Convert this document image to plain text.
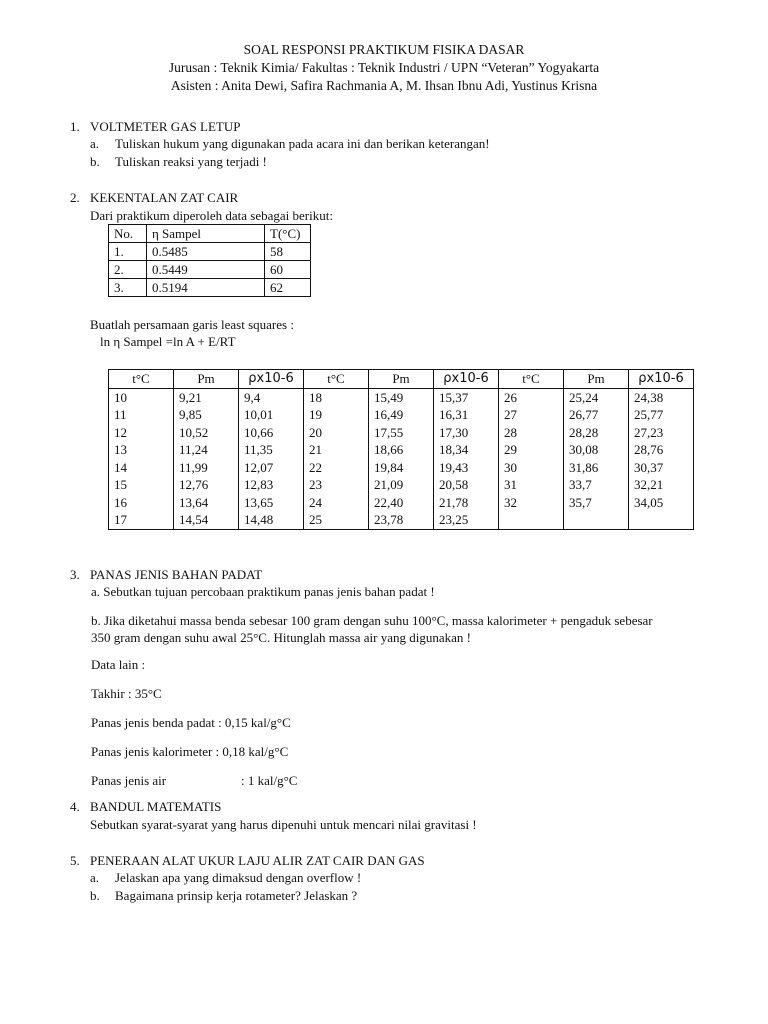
SOAL RESPONSI PRAKTIKUM FISIKA DASAR
Jurusan : Teknik Kimia/ Fakultas : Teknik Industri / UPN “Veteran” Yogyakarta
Asisten : Anita Dewi, Safira Rachmania A, M. Ihsan Ibnu Adi, Yustinus Krisna
1. VOLTMETER GAS LETUP
a. Tuliskan hukum yang digunakan pada acara ini dan berikan keterangan!
b. Tuliskan reaksi yang terjadi !
2. KEKENTALAN ZAT CAIR
Dari praktikum diperoleh data sebagai berikut:
No.	η Sampel	T(°C)
1.	0.5485	58
2.	0.5449	60
3.	0.5194	62
Buatlah persamaan garis least squares :
ln η Sampel =ln A + E/RT
t°C	Pm	ρx10-6	t°C	Pm	ρx10-6	t°C	Pm	ρx10-6
10	9,21	9,4	18	15,49	15,37	26	25,24	24,38
11	9,85	10,01	19	16,49	16,31	27	26,77	25,77
12	10,52	10,66	20	17,55	17,30	28	28,28	27,23
13	11,24	11,35	21	18,66	18,34	29	30,08	28,76
14	11,99	12,07	22	19,84	19,43	30	31,86	30,37
15	12,76	12,83	23	21,09	20,58	31	33,7	32,21
16	13,64	13,65	24	22,40	21,78	32	35,7	34,05
17	14,54	14,48	25	23,78	23,25			
3. PANAS JENIS BAHAN PADAT
a. Sebutkan tujuan percobaan praktikum panas jenis bahan padat !
b. Jika diketahui massa benda sebesar 100 gram dengan suhu 100°C, massa kalorimeter + pengaduk sebesar
350 gram dengan suhu awal 25°C. Hitunglah massa air yang digunakan !
Data lain :
Takhir : 35°C
Panas jenis benda padat : 0,15 kal/g°C
Panas jenis kalorimeter : 0,18 kal/g°C
Panas jenis air	: 1 kal/g°C
4. BANDUL MATEMATIS
Sebutkan syarat-syarat yang harus dipenuhi untuk mencari nilai gravitasi !
5. PENERAAN ALAT UKUR LAJU ALIR ZAT CAIR DAN GAS
a. Jelaskan apa yang dimaksud dengan overflow !
b. Bagaimana prinsip kerja rotameter? Jelaskan ?
